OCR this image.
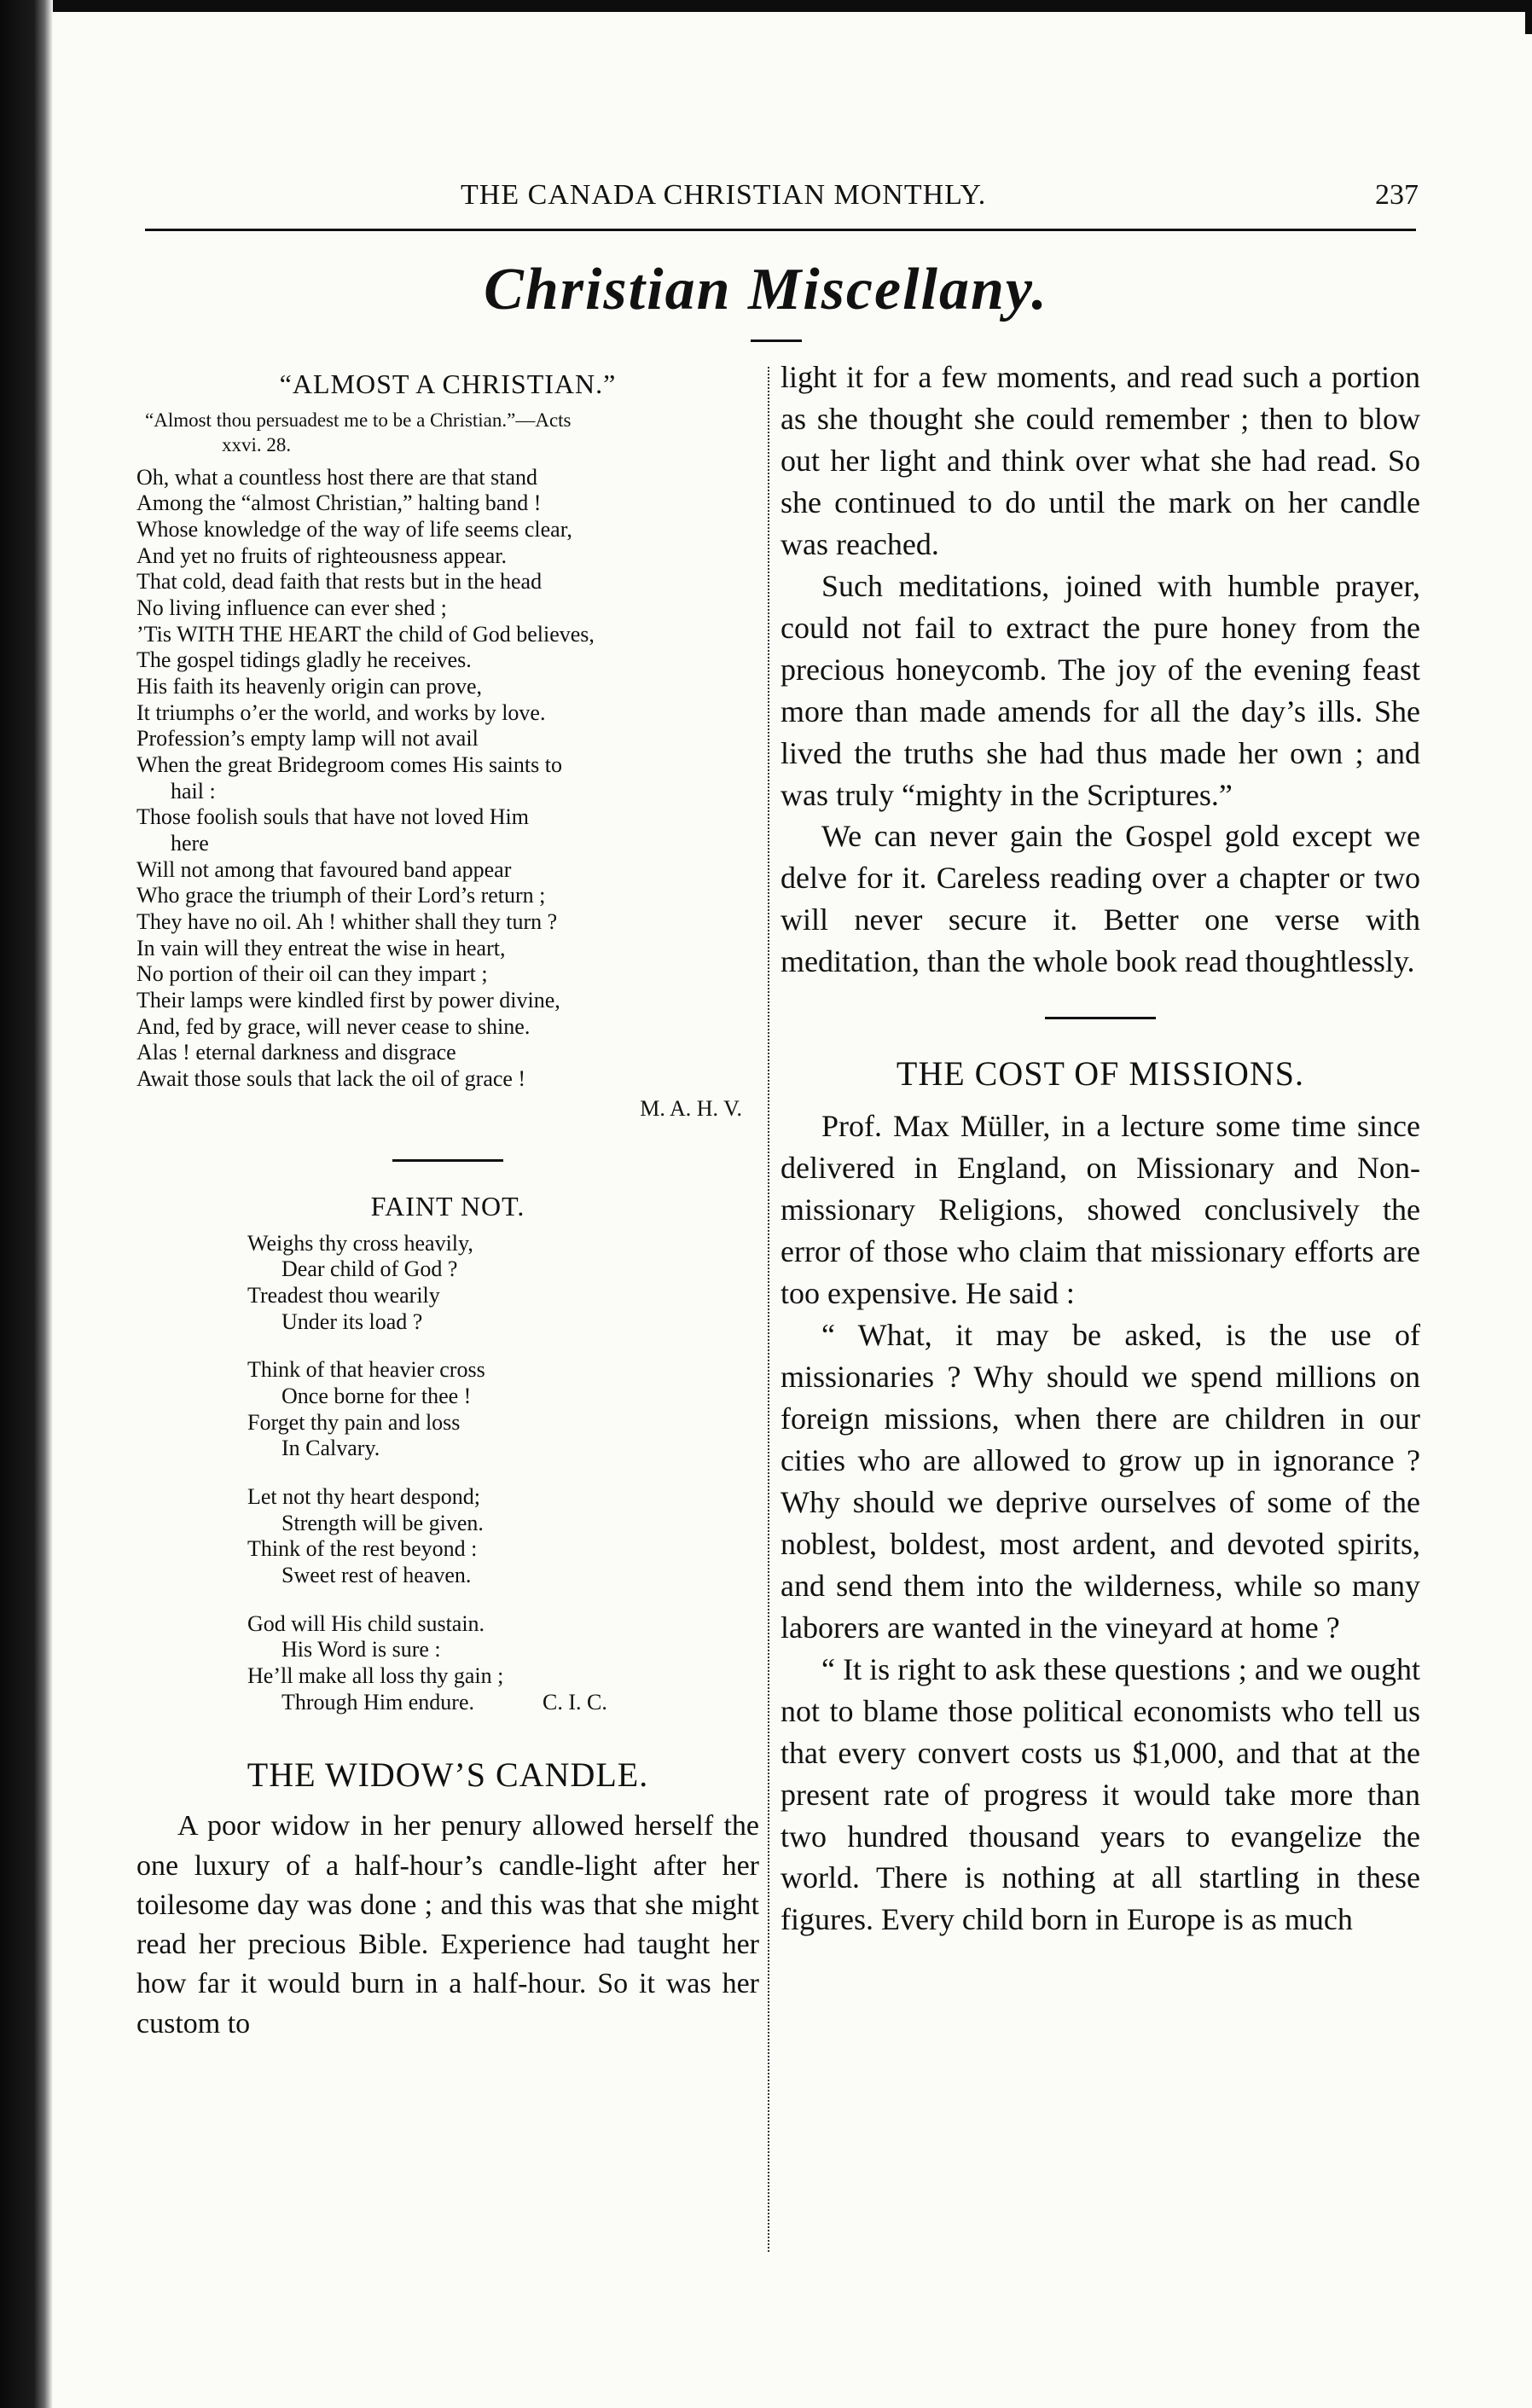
THE CANADA CHRISTIAN MONTHLY.	237
Christian Miscellany.
“ALMOST A CHRISTIAN.”

“Almost thou persuadest me to be a Christian.”—Acts
xxvi. 28.

Oh, what a countless host there are that stand
Among the “almost Christian,” halting band !
Whose knowledge of the way of life seems clear,
And yet no fruits of righteousness appear.
That cold, dead faith that rests but in the head
No living influence can ever shed ;
’Tis WITH THE HEART the child of God believes,
The gospel tidings gladly he receives.
His faith its heavenly origin can prove,
It triumphs o’er the world, and works by love.
Profession’s empty lamp will not avail
When the great Bridegroom comes His saints to
hail :
Those foolish souls that have not loved Him
here
Will not among that favoured band appear
Who grace the triumph of their Lord’s return ;
They have no oil. Ah ! whither shall they turn ?
In vain will they entreat the wise in heart,
No portion of their oil can they impart ;
Their lamps were kindled first by power divine,
And, fed by grace, will never cease to shine.
Alas ! eternal darkness and disgrace
Await those souls that lack the oil of grace !

M. A. H. V.
FAINT NOT.

Weighs thy cross heavily,
Dear child of God ?
Treadest thou wearily
Under its load ?

Think of that heavier cross
Once borne for thee !
Forget thy pain and loss
In Calvary.

Let not thy heart despond;
Strength will be given.
Think of the rest beyond :
Sweet rest of heaven.

God will His child sustain.
His Word is sure :
He’ll make all loss thy gain ;
Through Him endure.	C. I. C.

THE WIDOW’S CANDLE.

A poor widow in her penury allowed herself the one luxury of a half-hour’s candle-light after her toilesome day was done ; and this was that she might read her precious Bible. Experience had taught her how far it would burn in a half-hour. So it was her custom to

light it for a few moments, and read such a portion as she thought she could remember ; then to blow out her light and think over what she had read. So she continued to do until the mark on her candle was reached.

Such meditations, joined with humble prayer, could not fail to extract the pure honey from the precious honeycomb. The joy of the evening feast more than made amends for all the day’s ills. She lived the truths she had thus made her own ; and was truly “mighty in the Scriptures.”

We can never gain the Gospel gold except we delve for it. Careless reading over a chapter or two will never secure it. Better one verse with meditation, than the whole book read thoughtlessly.

THE COST OF MISSIONS.

Prof. Max Müller, in a lecture some time since delivered in England, on Missionary and Non-missionary Religions, showed conclusively the error of those who claim that missionary efforts are too expensive. He said :

“ What, it may be asked, is the use of missionaries ? Why should we spend millions on foreign missions, when there are children in our cities who are allowed to grow up in ignorance ? Why should we deprive ourselves of some of the noblest, boldest, most ardent, and devoted spirits, and send them into the wilderness, while so many laborers are wanted in the vineyard at home ?

“ It is right to ask these questions ; and we ought not to blame those political economists who tell us that every convert costs us $1,000, and that at the present rate of progress it would take more than two hundred thousand years to evangelize the world. There is nothing at all startling in these figures. Every child born in Europe is as much
